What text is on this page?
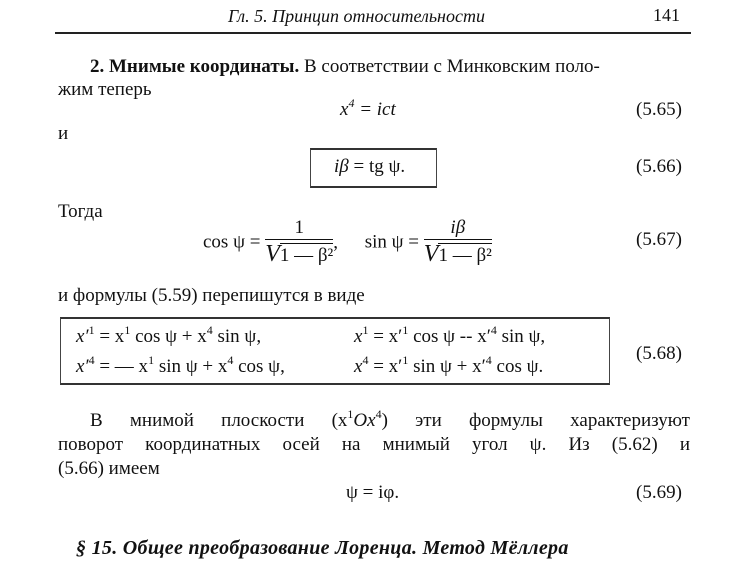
Гл. 5. Принцип относительности	141
2. Мнимые координаты. В соответствии с Минковским поло-
жим теперь
$x^4$ = ict	(5.65)
и
iβ = tg ψ.	(5.66)
Тогда
$\cos \psi = \frac{1}{\text{V1 — β²}}$ , $\sin \psi = \frac{i\beta}{\text{V1 — β²}}$	(5.67)
и формулы (5.59) перепишутся в виде
$x'^1 = x^1$ $\cos \psi + x^4$ sin ψ,	$x^1 = x'^1$ cos ψ -- $x'^4$ sin ψ,
$x'^4$ = — $x^1$ $\sin \psi + x^4$ cos ψ,	$x^4 = x'^1$ $\sin \psi + x'^4$ cos ψ.
(5.68)
В мнимой плоскости $(x^1Ox^4)$ эти формулы характеризуют
поворот координатных осей на мнимый угол ψ. Из (5.62) и
(5.66) имеем
ψ = iφ.	(5.69)
§ 15. Общее преобразование Лоренца. Метод Мёллера
